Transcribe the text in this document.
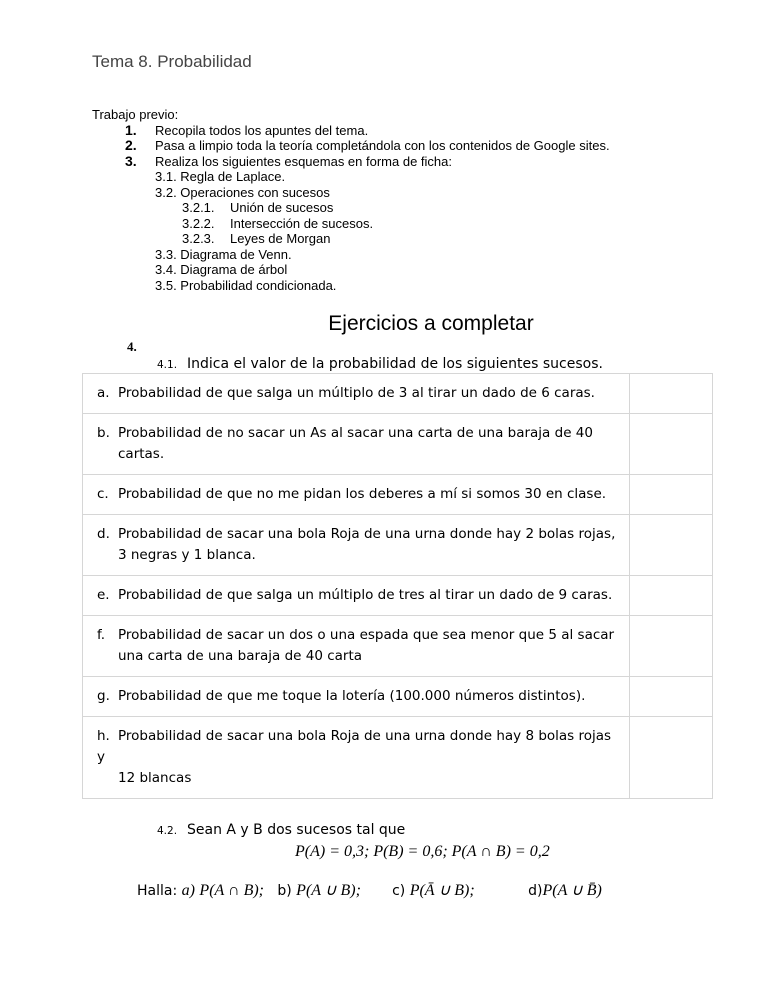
Tema 8. Probabilidad
Trabajo previo:
1. Recopila todos los apuntes del tema.
2. Pasa a limpio toda la teoría completándola con los contenidos de Google sites.
3. Realiza los siguientes esquemas en forma de ficha:
3.1. Regla de Laplace.
3.2. Operaciones con sucesos
3.2.1. Unión de sucesos
3.2.2. Intersección de sucesos.
3.2.3. Leyes de Morgan
3.3. Diagrama de Venn.
3.4. Diagrama de árbol
3.5. Probabilidad condicionada.
Ejercicios a completar
4.
4.1. Indica el valor de la probabilidad de los siguientes sucesos.
a. Probabilidad de que salga un múltiplo de 3 al tirar un dado de 6 caras.	

b. Probabilidad de no sacar un As al sacar una carta de una baraja de 40
cartas.	

c. Probabilidad de que no me pidan los deberes a mí si somos 30 en clase.	

d. Probabilidad de sacar una bola Roja de una urna donde hay 2 bolas rojas,
3 negras y 1 blanca.	

e. Probabilidad de que salga un múltiplo de tres al tirar un dado de 9 caras.	

f. Probabilidad de sacar un dos o una espada que sea menor que 5 al sacar
una carta de una baraja de 40 carta	

g. Probabilidad de que me toque la lotería (100.000 números distintos).	

h. Probabilidad de sacar una bola Roja de una urna donde hay 8 bolas rojas y
12 blancas	

4.2. Sean A y B dos sucesos tal que
P(A) = 0,3; P(B) = 0,6; P(A ∩ B) = 0,2
Halla: a) P(A ∩ B); b) P(A ∪ B); c) P(Ā ∪ B);	d)P(A ∪ B̄)
